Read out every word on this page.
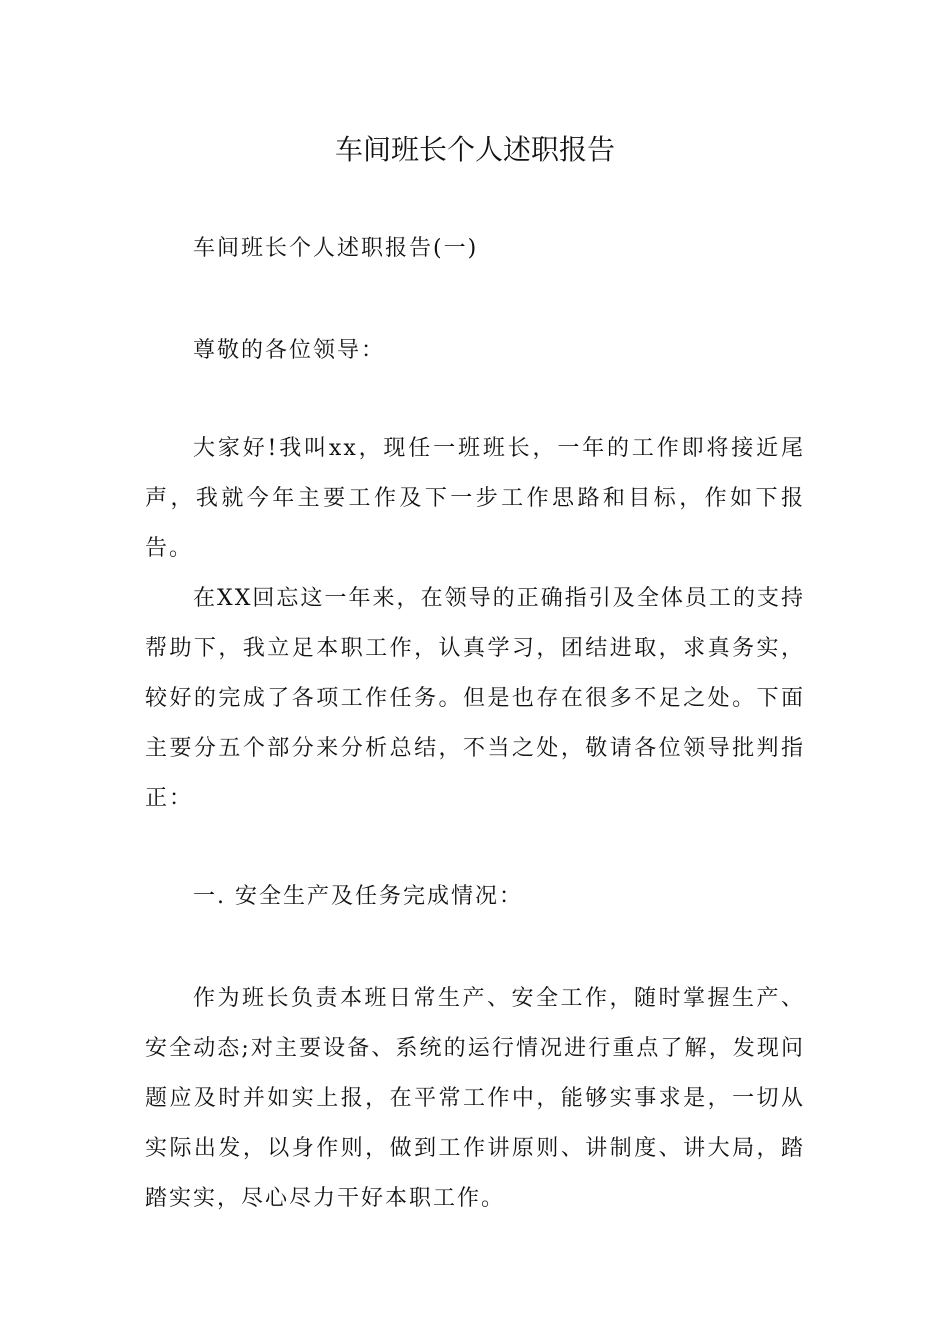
车间班长个人述职报告

车间班长个人述职报告(一)

尊敬的各位领导：

大家好!我叫xx，现任一班班长，一年的工作即将接近尾声，我就今年主要工作及下一步工作思路和目标，作如下报告。

在XX回忘这一年来，在领导的正确指引及全体员工的支持帮助下，我立足本职工作，认真学习，团结进取，求真务实，较好的完成了各项工作任务。但是也存在很多不足之处。下面主要分五个部分来分析总结，不当之处，敬请各位领导批判指正：

一. 安全生产及任务完成情况：

作为班长负责本班日常生产、安全工作，随时掌握生产、安全动态;对主要设备、系统的运行情况进行重点了解，发现问题应及时并如实上报，在平常工作中，能够实事求是，一切从实际出发，以身作则，做到工作讲原则、讲制度、讲大局，踏踏实实，尽心尽力干好本职工作。
